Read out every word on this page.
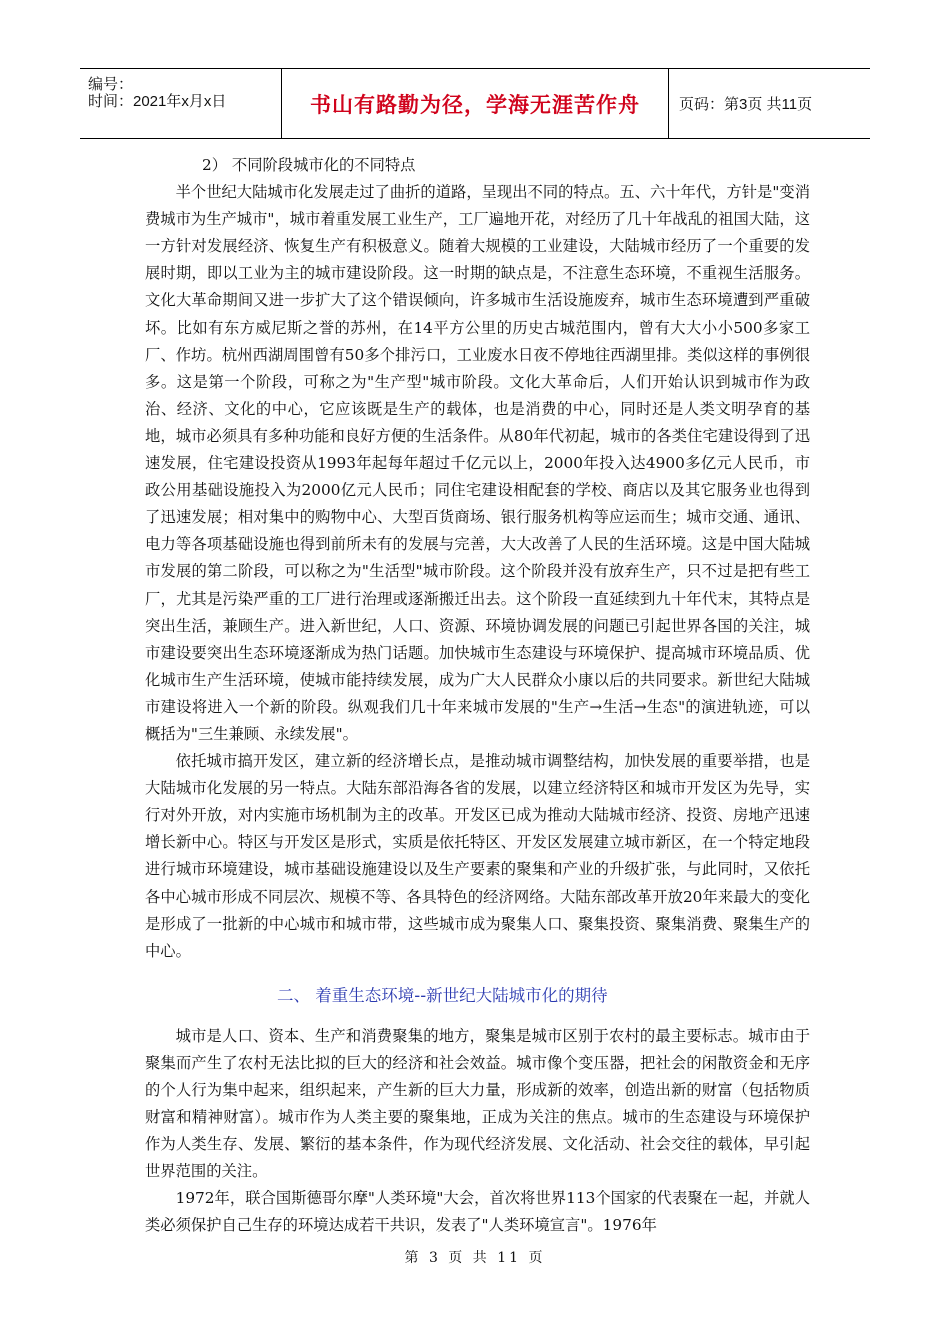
编号：
时间：2021年x月x日	书山有路勤为径，学海无涯苦作舟	页码：第3页 共11页

2） 不同阶段城市化的不同特点

半个世纪大陆城市化发展走过了曲折的道路，呈现出不同的特点。五、六十年代，方针是"变消费城市为生产城市"，城市着重发展工业生产，工厂遍地开花，对经历了几十年战乱的祖国大陆，这一方针对发展经济、恢复生产有积极意义。随着大规模的工业建设，大陆城市经历了一个重要的发展时期，即以工业为主的城市建设阶段。这一时期的缺点是，不注意生态环境，不重视生活服务。文化大革命期间又进一步扩大了这个错误倾向，许多城市生活设施废弃，城市生态环境遭到严重破坏。比如有东方威尼斯之誉的苏州，在14平方公里的历史古城范围内，曾有大大小小500多家工厂、作坊。杭州西湖周围曾有50多个排污口，工业废水日夜不停地往西湖里排。类似这样的事例很多。这是第一个阶段，可称之为"生产型"城市阶段。文化大革命后，人们开始认识到城市作为政治、经济、文化的中心，它应该既是生产的载体，也是消费的中心，同时还是人类文明孕育的基地，城市必须具有多种功能和良好方便的生活条件。从80年代初起，城市的各类住宅建设得到了迅速发展，住宅建设投资从1993年起每年超过千亿元以上，2000年投入达4900多亿元人民币，市政公用基础设施投入为2000亿元人民币；同住宅建设相配套的学校、商店以及其它服务业也得到了迅速发展；相对集中的购物中心、大型百货商场、银行服务机构等应运而生；城市交通、通讯、电力等各项基础设施也得到前所未有的发展与完善，大大改善了人民的生活环境。这是中国大陆城市发展的第二阶段，可以称之为"生活型"城市阶段。这个阶段并没有放弃生产，只不过是把有些工厂，尤其是污染严重的工厂进行治理或逐渐搬迁出去。这个阶段一直延续到九十年代末，其特点是突出生活，兼顾生产。进入新世纪，人口、资源、环境协调发展的问题已引起世界各国的关注，城市建设要突出生态环境逐渐成为热门话题。加快城市生态建设与环境保护、提高城市环境品质、优化城市生产生活环境，使城市能持续发展，成为广大人民群众小康以后的共同要求。新世纪大陆城市建设将进入一个新的阶段。纵观我们几十年来城市发展的"生产→生活→生态"的演进轨迹，可以概括为"三生兼顾、永续发展"。

依托城市搞开发区，建立新的经济增长点，是推动城市调整结构，加快发展的重要举措，也是大陆城市化发展的另一特点。大陆东部沿海各省的发展，以建立经济特区和城市开发区为先导，实行对外开放，对内实施市场机制为主的改革。开发区已成为推动大陆城市经济、投资、房地产迅速增长新中心。特区与开发区是形式，实质是依托特区、开发区发展建立城市新区，在一个特定地段进行城市环境建设，城市基础设施建设以及生产要素的聚集和产业的升级扩张，与此同时，又依托各中心城市形成不同层次、规模不等、各具特色的经济网络。大陆东部改革开放20年来最大的变化是形成了一批新的中心城市和城市带，这些城市成为聚集人口、聚集投资、聚集消费、聚集生产的中心。

二、 着重生态环境--新世纪大陆城市化的期待

城市是人口、资本、生产和消费聚集的地方，聚集是城市区别于农村的最主要标志。城市由于聚集而产生了农村无法比拟的巨大的经济和社会效益。城市像个变压器，把社会的闲散资金和无序的个人行为集中起来，组织起来，产生新的巨大力量，形成新的效率，创造出新的财富（包括物质财富和精神财富）。城市作为人类主要的聚集地，正成为关注的焦点。城市的生态建设与环境保护作为人类生存、发展、繁衍的基本条件，作为现代经济发展、文化活动、社会交往的载体，早引起世界范围的关注。

1972年，联合国斯德哥尔摩"人类环境"大会，首次将世界113个国家的代表聚在一起，并就人类必须保护自己生存的环境达成若干共识，发表了"人类环境宣言"。1976年

第 3 页 共 11 页
